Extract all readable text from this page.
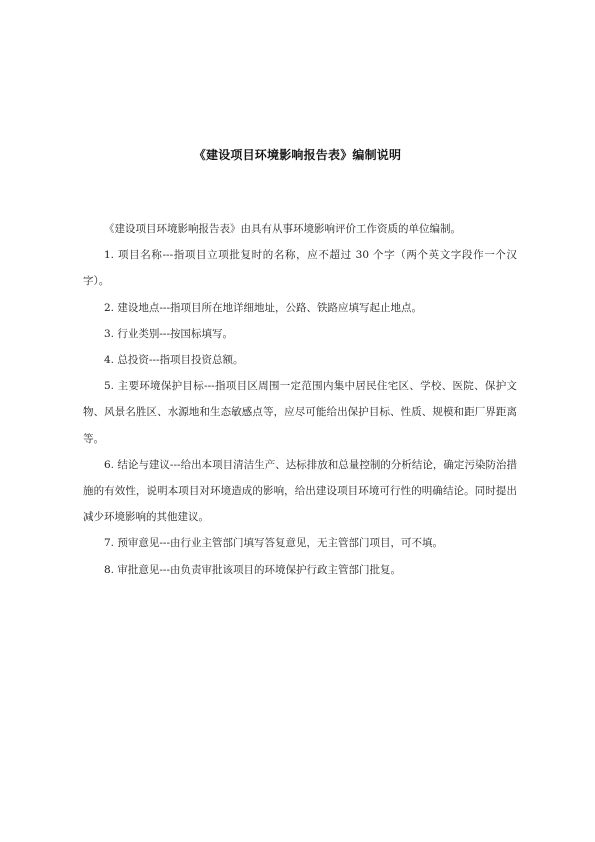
《建设项目环境影响报告表》编制说明

《建设项目环境影响报告表》由具有从事环境影响评价工作资质的单位编制。

1. 项目名称---指项目立项批复时的名称，应不超过 30 个字（两个英文字段作一个汉字）。

2. 建设地点---指项目所在地详细地址，公路、铁路应填写起止地点。

3. 行业类别---按国标填写。

4. 总投资---指项目投资总额。

5. 主要环境保护目标---指项目区周围一定范围内集中居民住宅区、学校、医院、保护文物、风景名胜区、水源地和生态敏感点等，应尽可能给出保护目标、性质、规模和距厂界距离等。

6. 结论与建议---给出本项目清洁生产、达标排放和总量控制的分析结论，确定污染防治措施的有效性，说明本项目对环境造成的影响，给出建设项目环境可行性的明确结论。同时提出减少环境影响的其他建议。

7. 预审意见---由行业主管部门填写答复意见，无主管部门项目，可不填。

8. 审批意见---由负责审批该项目的环境保护行政主管部门批复。
